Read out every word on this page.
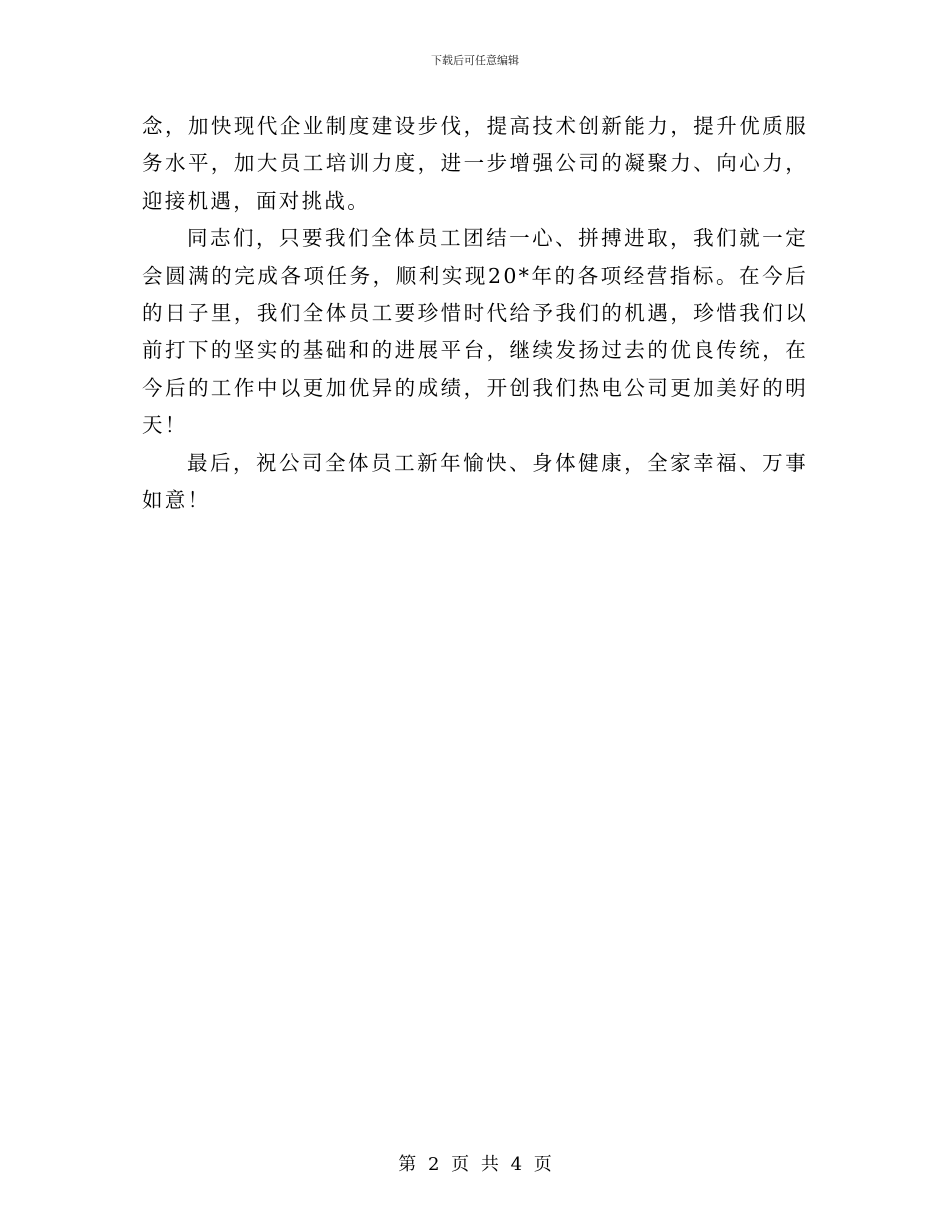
下载后可任意编辑

念，加快现代企业制度建设步伐，提高技术创新能力，提升优质服务水平，加大员工培训力度，进一步增强公司的凝聚力、向心力，迎接机遇，面对挑战。

同志们，只要我们全体员工团结一心、拼搏进取，我们就一定会圆满的完成各项任务，顺利实现20*年的各项经营指标。在今后的日子里，我们全体员工要珍惜时代给予我们的机遇，珍惜我们以前打下的坚实的基础和的进展平台，继续发扬过去的优良传统，在今后的工作中以更加优异的成绩，开创我们热电公司更加美好的明天！

最后，祝公司全体员工新年愉快、身体健康，全家幸福、万事如意！

第 2 页 共 4 页
